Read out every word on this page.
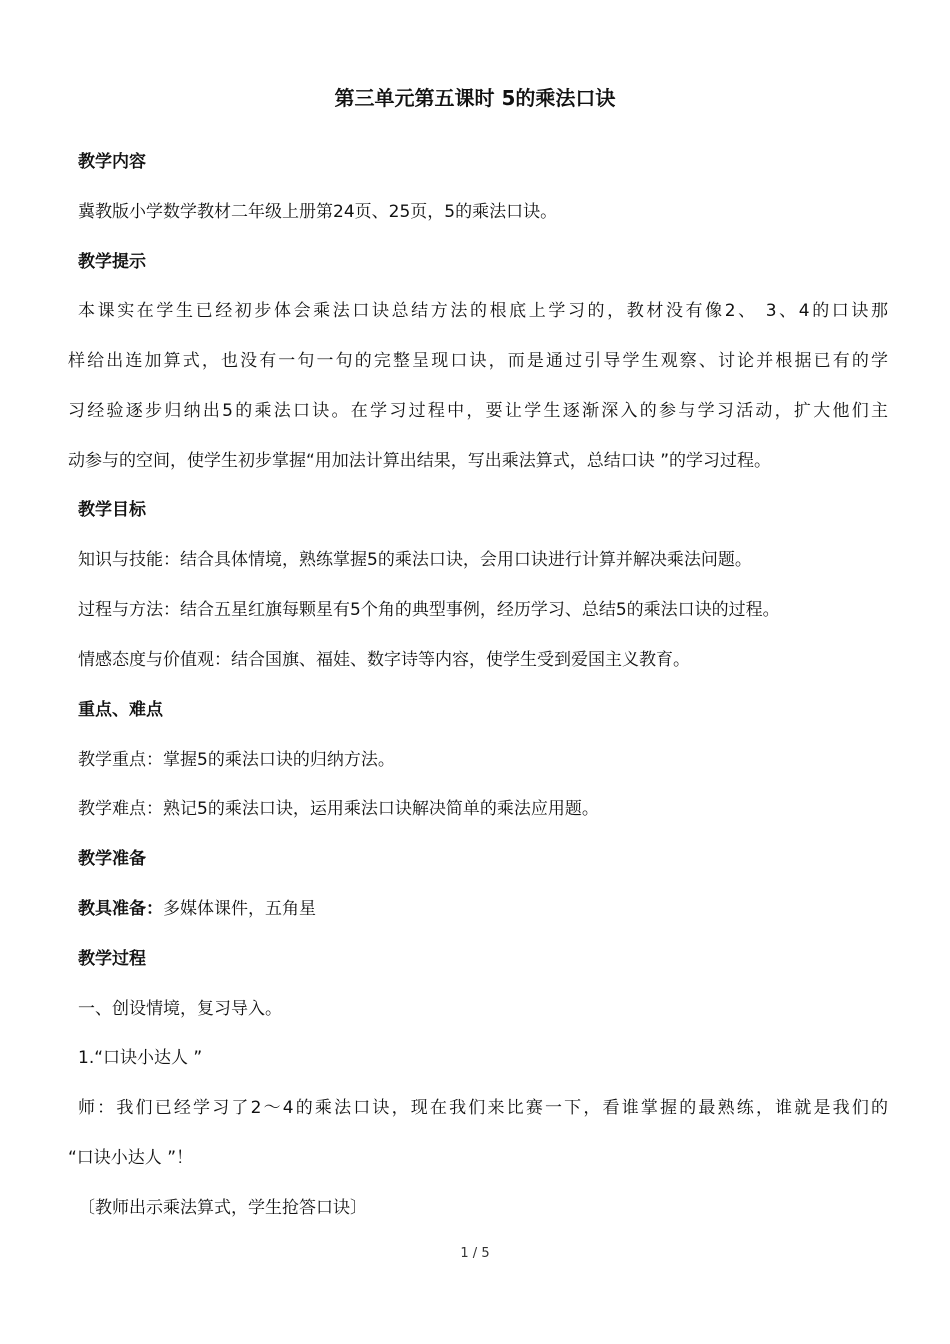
第三单元第五课时 5的乘法口诀

教学内容

冀教版小学数学教材二年级上册第24页、25页，5的乘法口诀。

教学提示

本课实在学生已经初步体会乘法口诀总结方法的根底上学习的，教材没有像2、 3、4的口诀那

样给出连加算式，也没有一句一句的完整呈现口诀，而是通过引导学生观察、讨论并根据已有的学

习经验逐步归纳出5的乘法口诀。在学习过程中，要让学生逐渐深入的参与学习活动，扩大他们主

动参与的空间，使学生初步掌握“用加法计算出结果，写出乘法算式，总结口诀 ”的学习过程。

教学目标

知识与技能：结合具体情境，熟练掌握5的乘法口诀，会用口诀进行计算并解决乘法问题。

过程与方法：结合五星红旗每颗星有5个角的典型事例，经历学习、总结5的乘法口诀的过程。

情感态度与价值观：结合国旗、福娃、数字诗等内容，使学生受到爱国主义教育。

重点、难点

教学重点：掌握5的乘法口诀的归纳方法。

教学难点：熟记5的乘法口诀，运用乘法口诀解决简单的乘法应用题。

教学准备

教具准备：多媒体课件，五角星

教学过程

一、创设情境，复习导入。

1.“口诀小达人 ”

师：我们已经学习了2～4的乘法口诀，现在我们来比赛一下，看谁掌握的最熟练，谁就是我们的

“口诀小达人 ”！

〔教师出示乘法算式，学生抢答口诀〕

1 / 5
